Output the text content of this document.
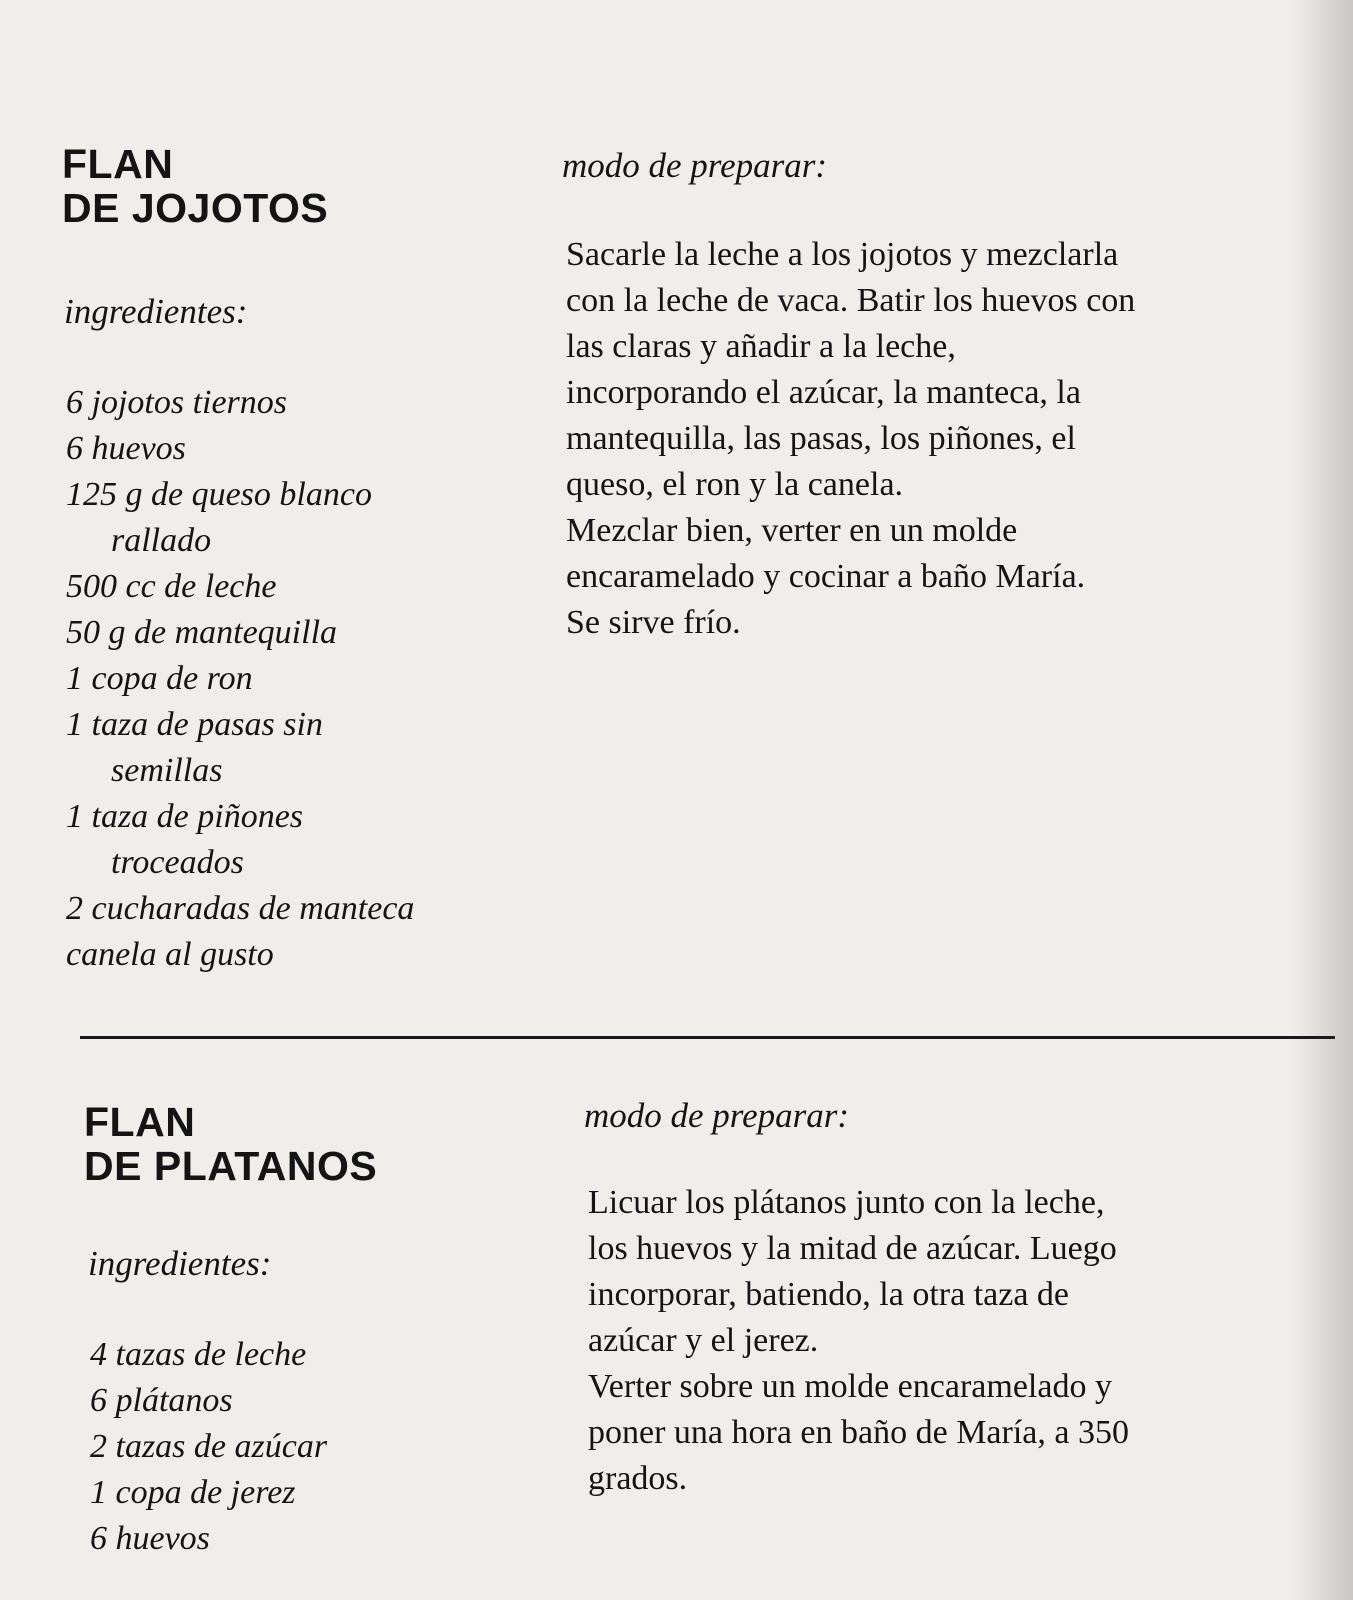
FLAN
DE JOJOTOS

ingredientes:

6 jojotos tiernos
6 huevos
125 g de queso blanco rallado
500 cc de leche
50 g de mantequilla
1 copa de ron
1 taza de pasas sin semillas
1 taza de piñones troceados
2 cucharadas de manteca
canela al gusto

modo de preparar:

Sacarle la leche a los jojotos y mezclarla
con la leche de vaca. Batir los huevos con
las claras y añadir a la leche,
incorporando el azúcar, la manteca, la
mantequilla, las pasas, los piñones, el
queso, el ron y la canela.
Mezclar bien, verter en un molde
encaramelado y cocinar a baño María.
Se sirve frío.
FLAN
DE PLATANOS

ingredientes:

4 tazas de leche
6 plátanos
2 tazas de azúcar
1 copa de jerez
6 huevos

modo de preparar:

Licuar los plátanos junto con la leche,
los huevos y la mitad de azúcar. Luego
incorporar, batiendo, la otra taza de
azúcar y el jerez.
Verter sobre un molde encaramelado y
poner una hora en baño de María, a 350
grados.
